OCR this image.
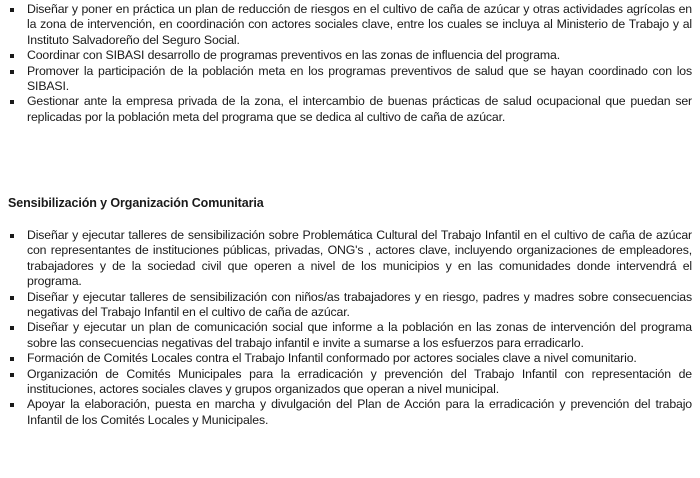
Diseñar y poner en práctica un plan de reducción de riesgos en el cultivo de caña de azúcar y otras actividades agrícolas en la zona de intervención, en coordinación con actores sociales clave, entre los cuales se incluya al Ministerio de Trabajo y al Instituto Salvadoreño del Seguro Social.
Coordinar con SIBASI desarrollo de programas preventivos en las zonas de influencia del programa.
Promover la participación de la población meta en los programas preventivos de salud que se hayan coordinado con los SIBASI.
Gestionar ante la empresa privada de la zona, el intercambio de buenas prácticas de salud ocupacional que puedan ser replicadas por la población meta del programa que se dedica al cultivo de caña de azúcar.
Sensibilización y Organización Comunitaria
Diseñar y ejecutar talleres de sensibilización sobre Problemática Cultural del Trabajo Infantil en el cultivo de caña de azúcar con representantes de instituciones públicas, privadas, ONG's , actores clave, incluyendo organizaciones de empleadores, trabajadores y de la sociedad civil que operen a nivel de los municipios y en las comunidades donde intervendrá el programa.
Diseñar y ejecutar talleres de sensibilización con niños/as trabajadores y en riesgo, padres y madres sobre consecuencias negativas del Trabajo Infantil en el cultivo de caña de azúcar.
Diseñar y ejecutar un plan de comunicación social que informe a la población en las zonas de intervención del programa sobre las consecuencias negativas del trabajo infantil e invite a sumarse a los esfuerzos para erradicarlo.
Formación de Comités Locales contra el Trabajo Infantil conformado por actores sociales clave a nivel comunitario.
Organización de Comités Municipales para la erradicación y prevención del Trabajo Infantil con representación de instituciones, actores sociales claves y grupos organizados que operan a nivel municipal.
Apoyar la elaboración, puesta en marcha y divulgación del Plan de Acción para la erradicación y prevención del trabajo Infantil de los Comités Locales y Municipales.
